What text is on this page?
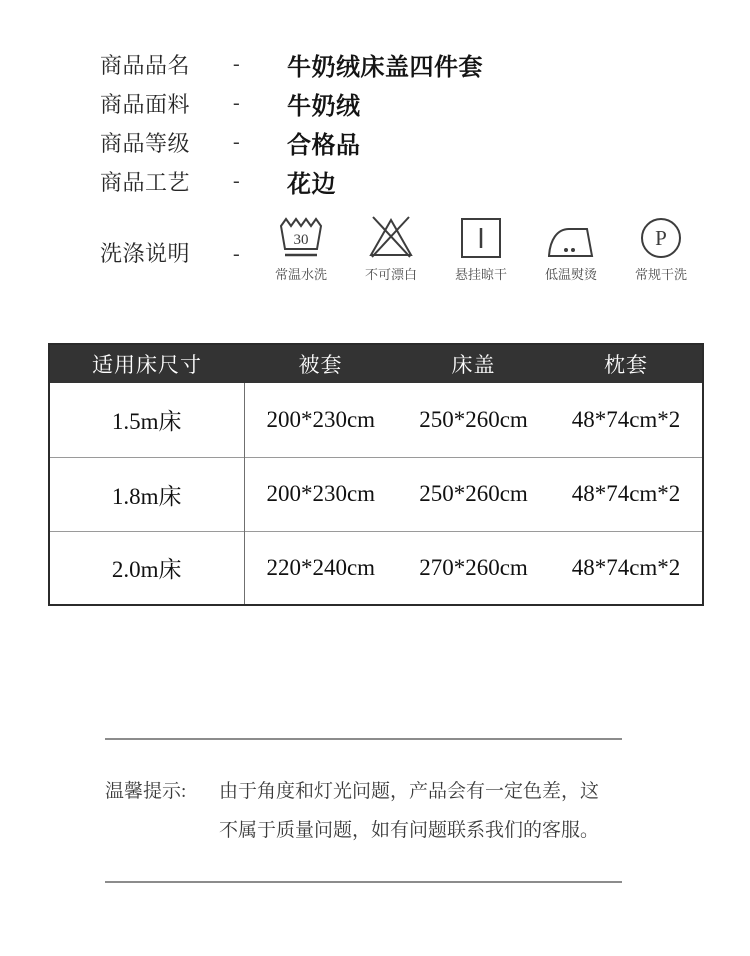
商品品名	-	牛奶绒床盖四件套
商品面料	-	牛奶绒
商品等级	-	合格品
商品工艺	-	花边
洗涤说明	-
30
常温水洗	不可漂白	悬挂晾干	低温熨烫
P
常规干洗
适用床尺寸	被套	床盖	枕套
1.5m床	200*230cm	250*260cm	48*74cm*2
1.8m床	200*230cm	250*260cm	48*74cm*2
2.0m床	220*240cm	270*260cm	48*74cm*2
温馨提示:	由于角度和灯光问题，产品会有一定色差，这
不属于质量问题，如有问题联系我们的客服。
